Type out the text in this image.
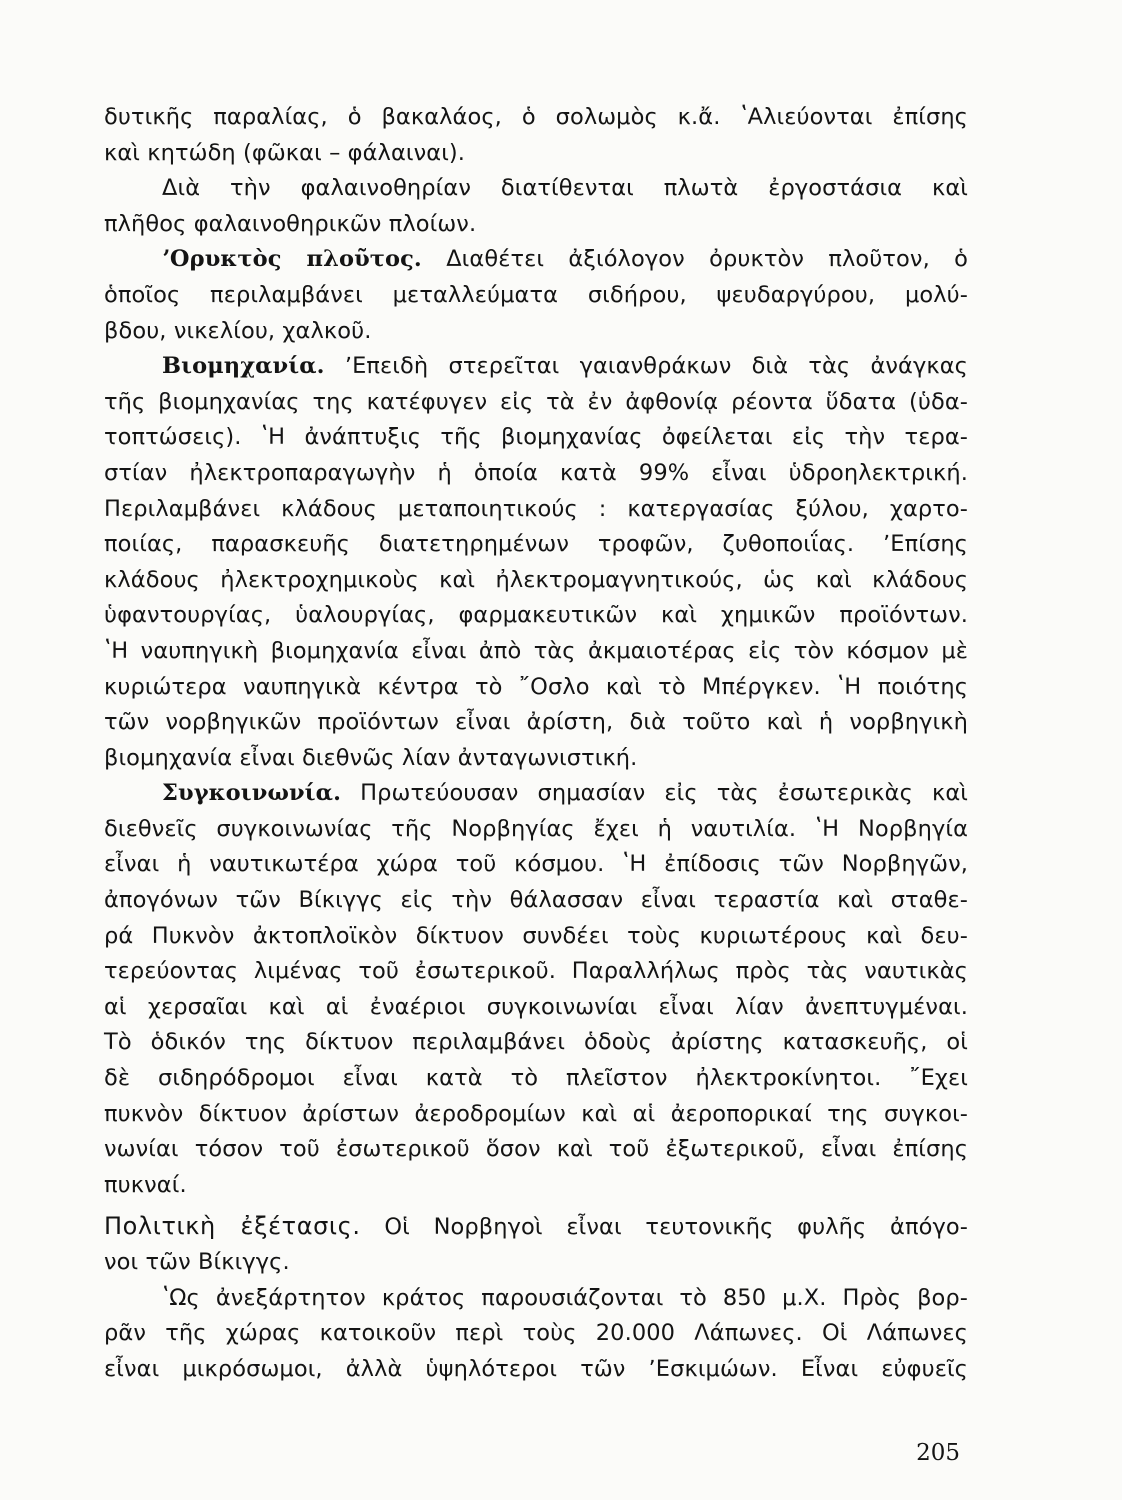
δυτικῆς παραλίας, ὁ βακαλάος, ὁ σολωμὸς κ.ἄ. ʽΑλιεύονται ἐπίσης
καὶ κητώδη (φῶκαι – φάλαιναι).
Διὰ τὴν φαλαινοθηρίαν διατίθενται πλωτὰ ἐργοστάσια καὶ
πλῆθος φαλαινοθηρικῶν πλοίων.
ʼΟρυκτὸς πλοῦτος. Διαθέτει ἀξιόλογον ὀρυκτὸν πλοῦτον, ὁ
ὁποῖος περιλαμβάνει μεταλλεύματα σιδήρου, ψευδαργύρου, μολύ-
βδου, νικελίου, χαλκοῦ.
Βιομηχανία. ʼΕπειδὴ στερεῖται γαιανθράκων διὰ τὰς ἀνάγκας
τῆς βιομηχανίας της κατέφυγεν εἰς τὰ ἐν ἀφθονίᾳ ρέοντα ὕδατα (ὑδα-
τοπτώσεις). ʽΗ ἀνάπτυξις τῆς βιομηχανίας ὀφείλεται εἰς τὴν τερα-
στίαν ἠλεκτροπαραγωγὴν ἡ ὁποία κατὰ 99% εἶναι ὑδροηλεκτρική.
Περιλαμβάνει κλάδους μεταποιητικούς : κατεργασίας ξύλου, χαρτο-
ποιίας, παρασκευῆς διατετηρημένων τροφῶν, ζυθοποιΐας. ʼΕπίσης
κλάδους ἠλεκτροχημικοὺς καὶ ἠλεκτρομαγνητικούς, ὡς καὶ κλάδους
ὑφαντουργίας, ὑαλουργίας, φαρμακευτικῶν καὶ χημικῶν προϊόντων.
ʽΗ ναυπηγικὴ βιομηχανία εἶναι ἀπὸ τὰς ἀκμαιοτέρας εἰς τὸν κόσμον μὲ
κυριώτερα ναυπηγικὰ κέντρα τὸ ῎Οσλο καὶ τὸ Μπέργκεν. ʽΗ ποιότης
τῶν νορβηγικῶν προϊόντων εἶναι ἀρίστη, διὰ τοῦτο καὶ ἡ νορβηγικὴ
βιομηχανία εἶναι διεθνῶς λίαν ἀνταγωνιστική.
Συγκοινωνία. Πρωτεύουσαν σημασίαν εἰς τὰς ἐσωτερικὰς καὶ
διεθνεῖς συγκοινωνίας τῆς Νορβηγίας ἔχει ἡ ναυτιλία. ʽΗ Νορβηγία
εἶναι ἡ ναυτικωτέρα χώρα τοῦ κόσμου. ʽΗ ἐπίδοσις τῶν Νορβηγῶν,
ἀπογόνων τῶν Βίκιγγς εἰς τὴν θάλασσαν εἶναι τεραστία καὶ σταθε-
ρά Πυκνὸν ἀκτοπλοϊκὸν δίκτυον συνδέει τοὺς κυριωτέρους καὶ δευ-
τερεύοντας λιμένας τοῦ ἐσωτερικοῦ. Παραλλήλως πρὸς τὰς ναυτικὰς
αἱ χερσαῖαι καὶ αἱ ἐναέριοι συγκοινωνίαι εἶναι λίαν ἀνεπτυγμέναι.
Τὸ ὁδικόν της δίκτυον περιλαμβάνει ὁδοὺς ἀρίστης κατασκευῆς, οἱ
δὲ σιδηρόδρομοι εἶναι κατὰ τὸ πλεῖστον ἠλεκτροκίνητοι. ῎Εχει
πυκνὸν δίκτυον ἀρίστων ἀεροδρομίων καὶ αἱ ἀεροπορικαί της συγκοι-
νωνίαι τόσον τοῦ ἐσωτερικοῦ ὅσον καὶ τοῦ ἐξωτερικοῦ, εἶναι ἐπίσης
πυκναί.
Πολιτικὴ ἐξέτασις. Οἱ Νορβηγοὶ εἶναι τευτονικῆς φυλῆς ἀπόγο-
νοι τῶν Βίκιγγς.
ʽΩς ἀνεξάρτητον κράτος παρουσιάζονται τὸ 850 μ.Χ. Πρὸς βορ-
ρᾶν τῆς χώρας κατοικοῦν περὶ τοὺς 20.000 Λάπωνες. Οἱ Λάπωνες
εἶναι μικρόσωμοι, ἀλλὰ ὑψηλότεροι τῶν ʼΕσκιμώων. Εἶναι εὐφυεῖς
205
